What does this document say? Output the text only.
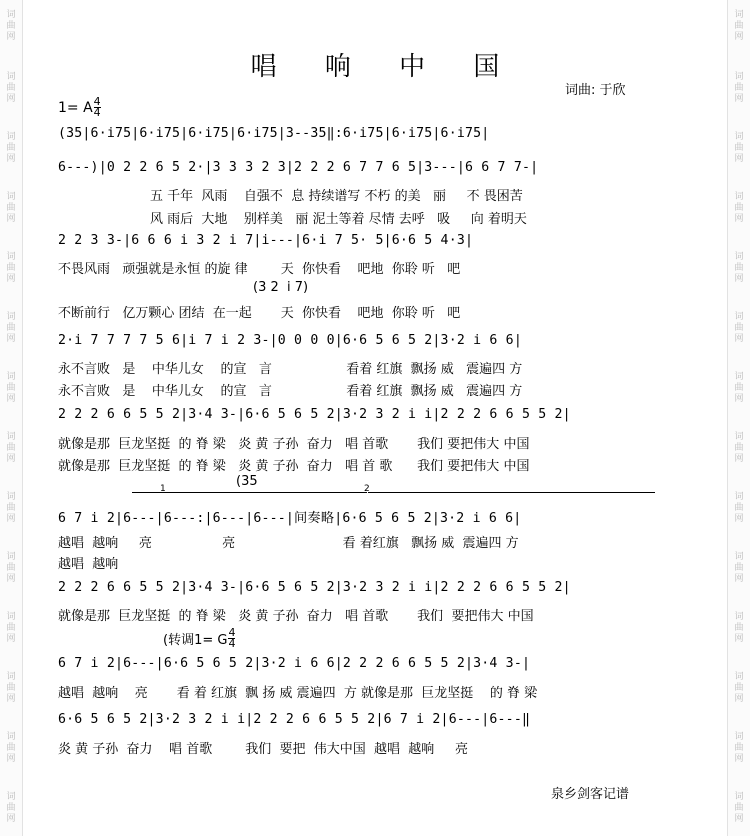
唱 响 中 国
词曲: 于欣
1= A $\frac{4}{4}$
(35|6·i75|6·i75|6·i75|6·i75|3--35‖:6·i75|6·i75|6·i75|
6---)|0 2 2 6 5 2·|3 3 3 2 3|2 2 2 6 7 7 6 5|3---|6 6 7 7-|
五 千年  风雨    自强不  息 持续谱写 不朽 的美   丽     不 畏困苦
风 雨后  大地    别样美   丽 泥土等着 尽情 去呼   吸     向 着明天
2 2 3 3-|6 6 6 i 3 2 i 7|i---|6·i 7 5· 5|6·6 5 4·3|
不畏风雨   顽强就是永恒 的旋 律        天  你快看    吧地  你聆 听   吧
(3 2  i 7)
不断前行   亿万颗心 团结  在一起       天  你快看    吧地  你聆 听   吧
2·i 7 7 7 7 5 6|i 7 i 2 3-|0 0 0 0|6·6 5 6 5 2|3·2 i 6 6|
永不言败   是    中华儿女    的宣   言                  看着 红旗  飘扬 威   震遍四 方
永不言败   是    中华儿女    的宣   言                  看着 红旗  飘扬 威   震遍四 方
2 2 2 6 6 5 5 2|3·4 3-|6·6 5 6 5 2|3·2 3 2 i i|2 2 2 6 6 5 5 2|
就像是那  巨龙坚挺  的 脊 梁   炎 黄 子孙  奋力   唱 首歌       我们 要把伟大 中国
就像是那  巨龙坚挺  的 脊 梁   炎 黄 子孙  奋力   唱 首 歌      我们 要把伟大 中国
(35
1	2
6 7 i 2|6---|6---:|6---|6---|间奏略|6·6 5 6 5 2|3·2 i 6 6|
越唱  越响     亮                 亮                          看 着红旗   飘扬 威  震遍四 方
越唱  越响
2 2 2 6 6 5 5 2|3·4 3-|6·6 5 6 5 2|3·2 3 2 i i|2 2 2 6 6 5 5 2|
就像是那  巨龙坚挺  的 脊 梁   炎 黄 子孙  奋力   唱 首歌       我们  要把伟大 中国
(转调1= G $\frac{4}{4}$
6 7 i 2|6---|6·6 5 6 5 2|3·2 i 6 6|2 2 2 6 6 5 5 2|3·4 3-|
越唱  越响    亮       看 着 红旗  飘 扬 威 震遍四  方 就像是那  巨龙坚挺    的 脊 梁
6·6 5 6 5 2|3·2 3 2 i i|2 2 2 6 6 5 5 2|6 7 i 2|6---|6---‖
炎 黄 子孙  奋力    唱 首歌        我们  要把  伟大中国  越唱  越响     亮
泉乡剑客记谱
词
曲
网
词
曲
网
词
曲
网
词
曲
网
词
曲
网
词
曲
网
词
曲
网
词
曲
网
词
曲
网
词
曲
网
词
曲
网
词
曲
网
词
曲
网
词
曲
网
词
曲
网
词
曲
网
词
曲
网
词
曲
网
词
曲
网
词
曲
网
词
曲
网
词
曲
网
词
曲
网
词
曲
网
词
曲
网
词
曲
网
词
曲
网
词
曲
网
